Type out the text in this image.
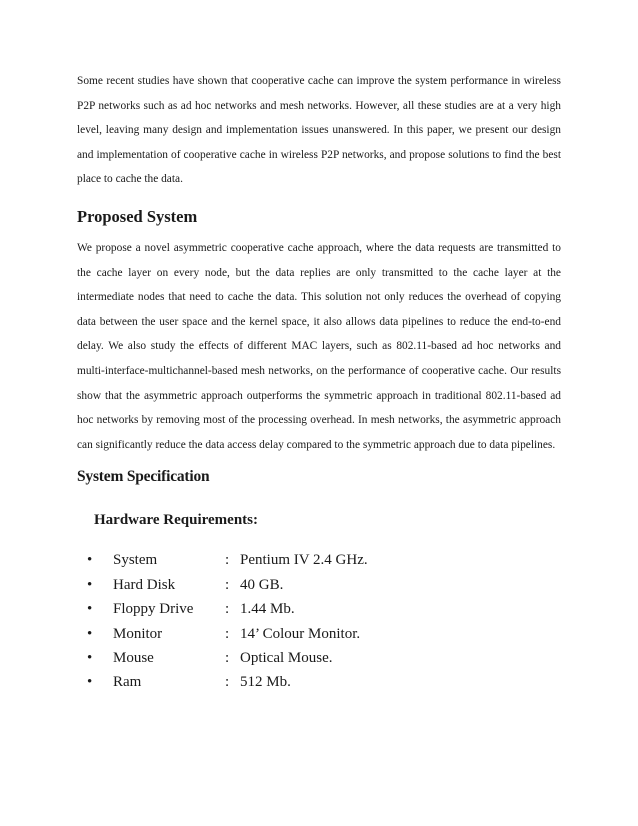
Some recent studies have shown that cooperative cache can improve the system performance in wireless P2P networks such as ad hoc networks and mesh networks. However, all these studies are at a very high level, leaving many design and implementation issues unanswered. In this paper, we present our design and implementation of cooperative cache in wireless P2P networks, and propose solutions to find the best place to cache the data.

Proposed System

We propose a novel asymmetric cooperative cache approach, where the data requests are transmitted to the cache layer on every node, but the data replies are only transmitted to the cache layer at the intermediate nodes that need to cache the data. This solution not only reduces the overhead of copying data between the user space and the kernel space, it also allows data pipelines to reduce the end-to-end delay. We also study the effects of different MAC layers, such as 802.11-based ad hoc networks and multi-interface-multichannel-based mesh networks, on the performance of cooperative cache. Our results show that the asymmetric approach outperforms the symmetric approach in traditional 802.11-based ad hoc networks by removing most of the processing overhead. In mesh networks, the asymmetric approach can significantly reduce the data access delay compared to the symmetric approach due to data pipelines.

System Specification
Hardware Requirements:
•	System	: Pentium IV 2.4 GHz.
•	Hard Disk	: 40 GB.
•	Floppy Drive	: 1.44 Mb.
•	Monitor	: 14’ Colour Monitor.
•	Mouse	: Optical Mouse.
•	Ram	: 512 Mb.
